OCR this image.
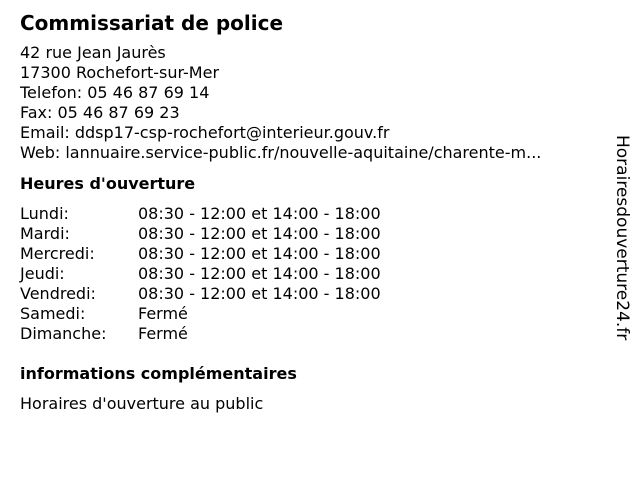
Commissariat de police
42 rue Jean Jaurès
17300 Rochefort-sur-Mer
Telefon: 05 46 87 69 14
Fax: 05 46 87 69 23
Email: ddsp17-csp-rochefort@interieur.gouv.fr
Web: lannuaire.service-public.fr/nouvelle-aquitaine/charente-m...
Heures d'ouverture
Lundi:	08:30 - 12:00 et 14:00 - 18:00
Mardi:	08:30 - 12:00 et 14:00 - 18:00
Mercredi:	08:30 - 12:00 et 14:00 - 18:00
Jeudi:	08:30 - 12:00 et 14:00 - 18:00
Vendredi:	08:30 - 12:00 et 14:00 - 18:00
Samedi:	Fermé
Dimanche:	Fermé
informations complémentaires
Horaires d'ouverture au public
Horairesdouverture24.fr
